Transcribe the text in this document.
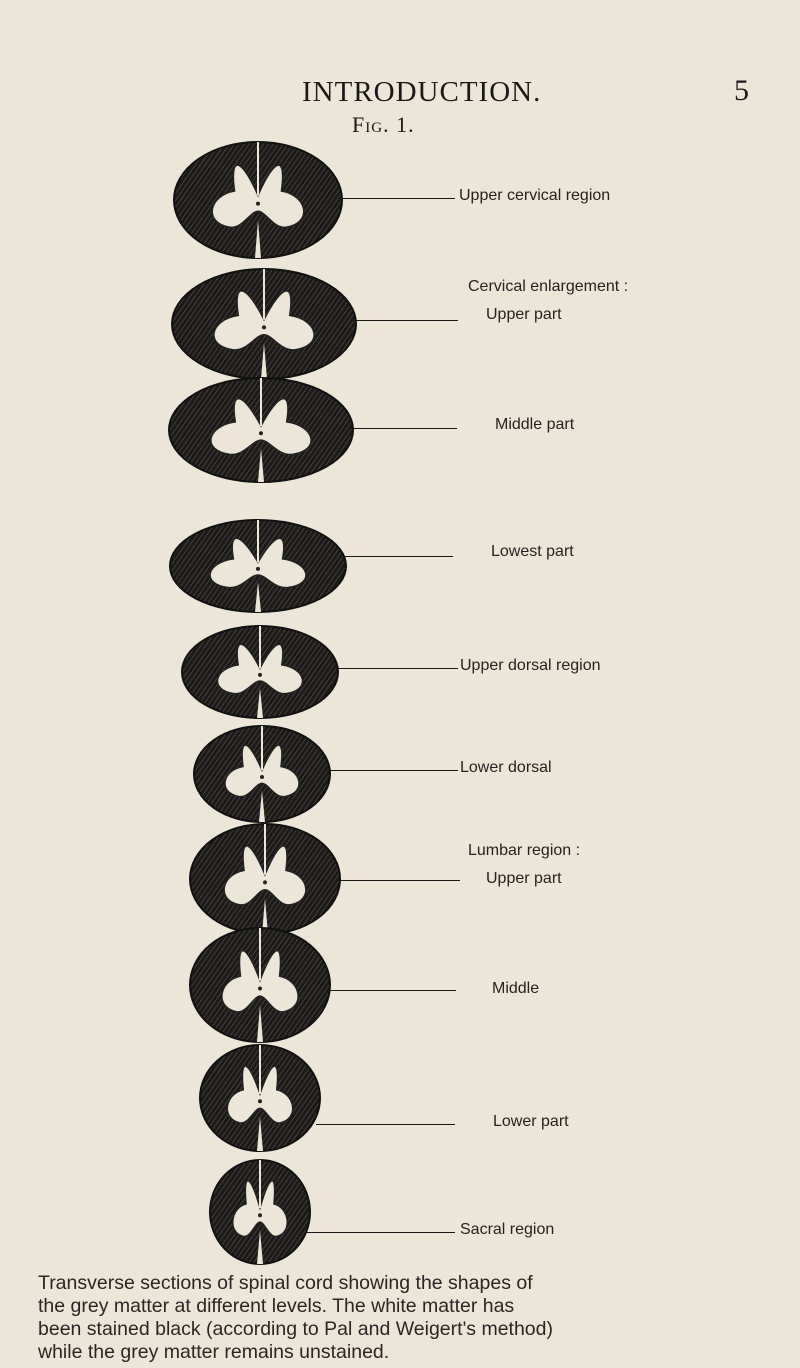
INTRODUCTION.	5
Fig. 1.
Upper cervical region
Cervical enlargement :
Upper part
Middle part
Lowest part
Upper dorsal region
Lower dorsal
Lumbar region :
Upper part
Middle
Lower part
Sacral region
Transverse sections of spinal cord showing the shapes of
the grey matter at different levels. The white matter has
been stained black (according to Pal and Weigert's method)
while the grey matter remains unstained.
